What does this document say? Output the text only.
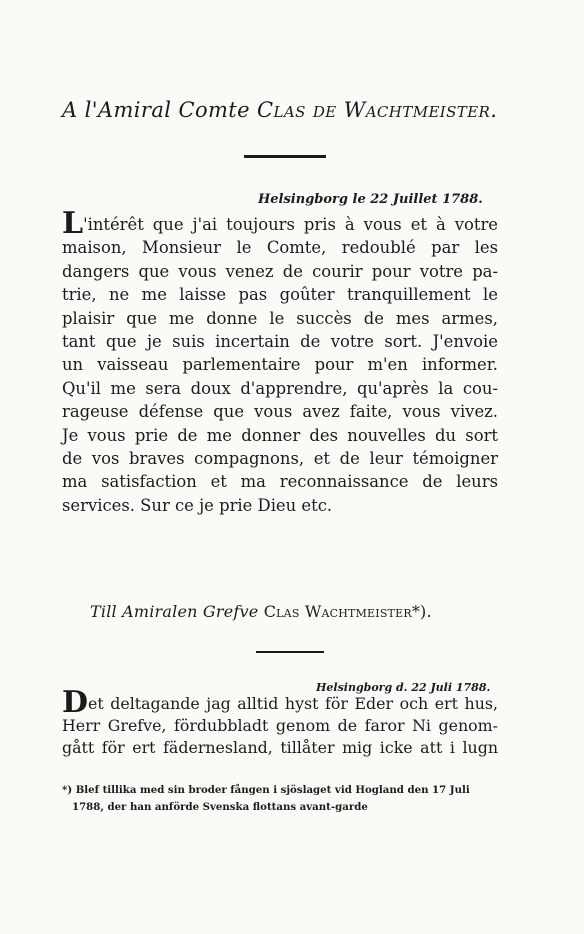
A l'Amiral Comte Clas de Wachtmeister.
Helsingborg le 22 Juillet 1788.
L'intérêt que j'ai toujours pris à vous et à votre
maison, Monsieur le Comte, redoublé par les
dangers que vous venez de courir pour votre pa-
trie, ne me laisse pas goûter tranquillement le
plaisir que me donne le succès de mes armes,
tant que je suis incertain de votre sort. J'envoie
un vaisseau parlementaire pour m'en informer.
Qu'il me sera doux d'apprendre, qu'après la cou-
rageuse défense que vous avez faite, vous vivez.
Je vous prie de me donner des nouvelles du sort
de vos braves compagnons, et de leur témoigner
ma satisfaction et ma reconnaissance de leurs
services. Sur ce je prie Dieu etc.
Till Amiralen Grefve Clas Wachtmeister*).
Helsingborg d. 22 Juli 1788.
Det deltagande jag alltid hyst för Eder och ert hus,
Herr Grefve, fördubbladt genom de faror Ni genom-
gått för ert fädernesland, tillåter mig icke att i lugn
*) Blef tillika med sin broder fången i sjöslaget vid Hogland den 17 Juli
1788, der han anförde Svenska flottans avant-garde
